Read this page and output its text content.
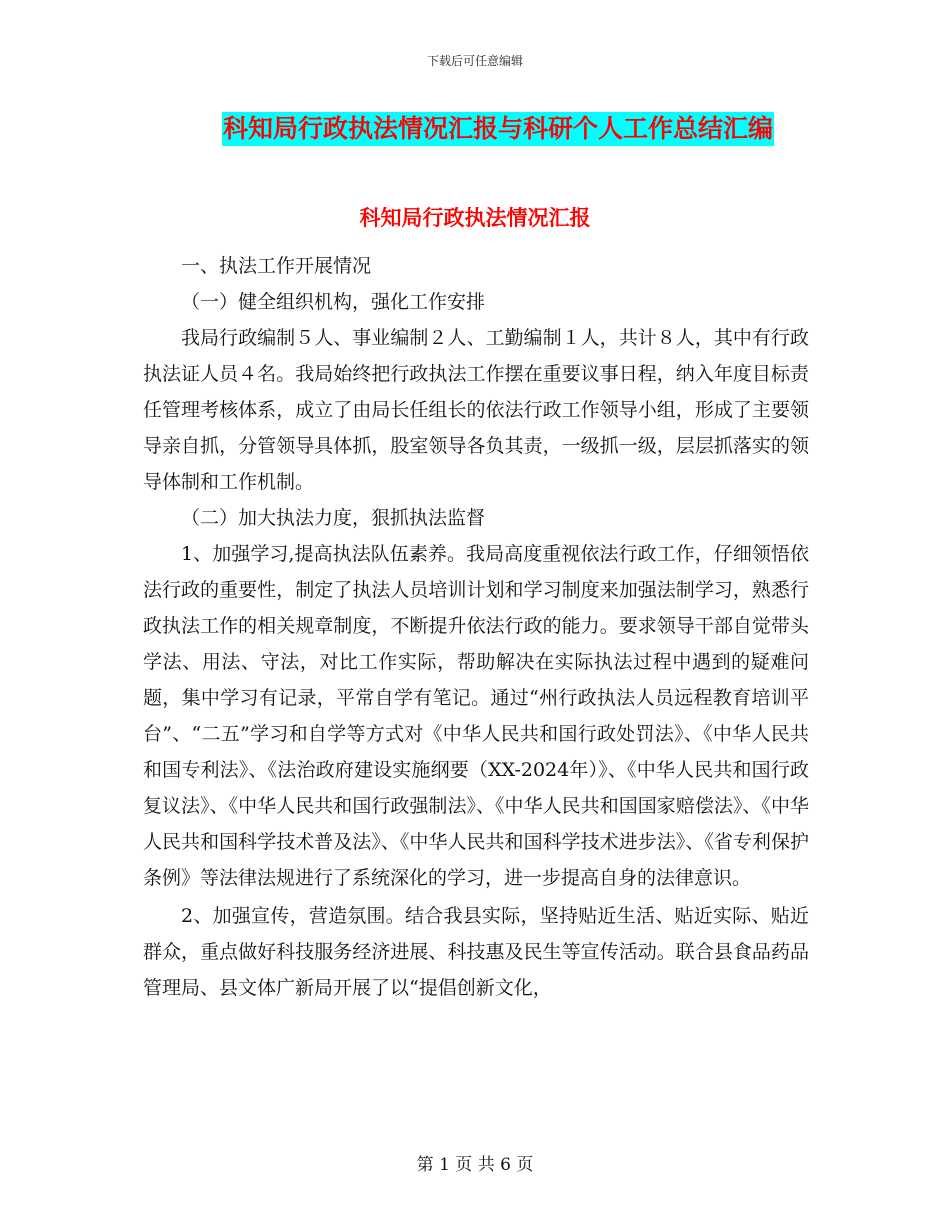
下载后可任意编辑
科知局行政执法情况汇报与科研个人工作总结汇编
科知局行政执法情况汇报

一、执法工作开展情况

（一）健全组织机构，强化工作安排

我局行政编制５人、事业编制２人、工勤编制１人，共计８人，其中有行政执法证人员４名。我局始终把行政执法工作摆在重要议事日程，纳入年度目标责任管理考核体系，成立了由局长任组长的依法行政工作领导小组，形成了主要领导亲自抓，分管领导具体抓，股室领导各负其责，一级抓一级，层层抓落实的领导体制和工作机制。

（二）加大执法力度，狠抓执法监督

1、加强学习,提高执法队伍素养。我局高度重视依法行政工作，仔细领悟依法行政的重要性，制定了执法人员培训计划和学习制度来加强法制学习，熟悉行政执法工作的相关规章制度，不断提升依法行政的能力。要求领导干部自觉带头学法、用法、守法，对比工作实际，帮助解决在实际执法过程中遇到的疑难问题，集中学习有记录，平常自学有笔记。通过“州行政执法人员远程教育培训平台”、“二五”学习和自学等方式对《中华人民共和国行政处罚法》、《中华人民共和国专利法》、《法治政府建设实施纲要（XX-2024年）》、《中华人民共和国行政复议法》、《中华人民共和国行政强制法》、《中华人民共和国国家赔偿法》、《中华人民共和国科学技术普及法》、《中华人民共和国科学技术进步法》、《省专利保护条例》等法律法规进行了系统深化的学习，进一步提高自身的法律意识。

2、加强宣传，营造氛围。结合我县实际，坚持贴近生活、贴近实际、贴近群众，重点做好科技服务经济进展、科技惠及民生等宣传活动。联合县食品药品管理局、县文体广新局开展了以“提倡创新文化，

第 1 页 共 6 页
